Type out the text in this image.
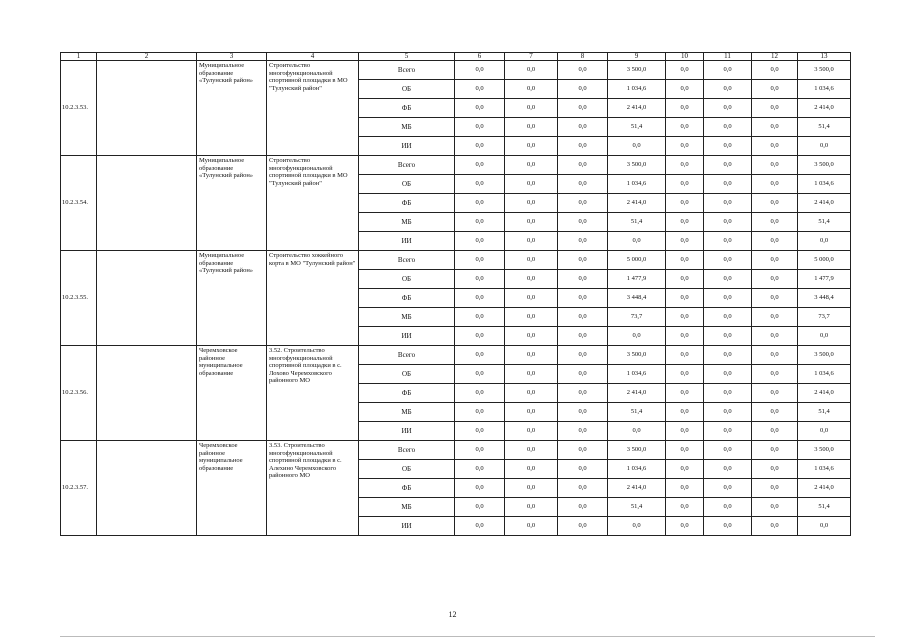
1	2	3	4	5	6	7	8	9	10	11	12	13
10.2.3.53.		Муниципальное образование «Тулунский район»	Строительство многофункциональной спортивной площадки в МО "Тулунский район"	Всего	0,0	0,0	0,0	3 500,0	0,0	0,0	0,0	3 500,0
				ОБ	0,0	0,0	0,0	1 034,6	0,0	0,0	0,0	1 034,6
				ФБ	0,0	0,0	0,0	2 414,0	0,0	0,0	0,0	2 414,0
				МБ	0,0	0,0	0,0	51,4	0,0	0,0	0,0	51,4
				ИИ	0,0	0,0	0,0	0,0	0,0	0,0	0,0	0,0
10.2.3.54.		Муниципальное образование «Тулунский район»	Строительство многофункциональной спортивной площадки в МО "Тулунский район"	Всего	0,0	0,0	0,0	3 500,0	0,0	0,0	0,0	3 500,0
				ОБ	0,0	0,0	0,0	1 034,6	0,0	0,0	0,0	1 034,6
				ФБ	0,0	0,0	0,0	2 414,0	0,0	0,0	0,0	2 414,0
				МБ	0,0	0,0	0,0	51,4	0,0	0,0	0,0	51,4
				ИИ	0,0	0,0	0,0	0,0	0,0	0,0	0,0	0,0
10.2.3.55.		Муниципальное образование «Тулунский район»	Строительство хоккейного корта в МО "Тулунский район"	Всего	0,0	0,0	0,0	5 000,0	0,0	0,0	0,0	5 000,0
				ОБ	0,0	0,0	0,0	1 477,9	0,0	0,0	0,0	1 477,9
				ФБ	0,0	0,0	0,0	3 448,4	0,0	0,0	0,0	3 448,4
				МБ	0,0	0,0	0,0	73,7	0,0	0,0	0,0	73,7
				ИИ	0,0	0,0	0,0	0,0	0,0	0,0	0,0	0,0
10.2.3.56.		Черемховское районное муниципальное образование	3.52. Строительство многофункциональной спортивной площадки в с. Лохово Черемховского районного МО	Всего	0,0	0,0	0,0	3 500,0	0,0	0,0	0,0	3 500,0
				ОБ	0,0	0,0	0,0	1 034,6	0,0	0,0	0,0	1 034,6
				ФБ	0,0	0,0	0,0	2 414,0	0,0	0,0	0,0	2 414,0
				МБ	0,0	0,0	0,0	51,4	0,0	0,0	0,0	51,4
				ИИ	0,0	0,0	0,0	0,0	0,0	0,0	0,0	0,0
10.2.3.57.		Черемховское районное муниципальное образование	3.53. Строительство многофункциональной спортивной площадки в с. Алехино Черемховского районного МО	Всего	0,0	0,0	0,0	3 500,0	0,0	0,0	0,0	3 500,0
				ОБ	0,0	0,0	0,0	1 034,6	0,0	0,0	0,0	1 034,6
				ФБ	0,0	0,0	0,0	2 414,0	0,0	0,0	0,0	2 414,0
				МБ	0,0	0,0	0,0	51,4	0,0	0,0	0,0	51,4
				ИИ	0,0	0,0	0,0	0,0	0,0	0,0	0,0	0,0
12
